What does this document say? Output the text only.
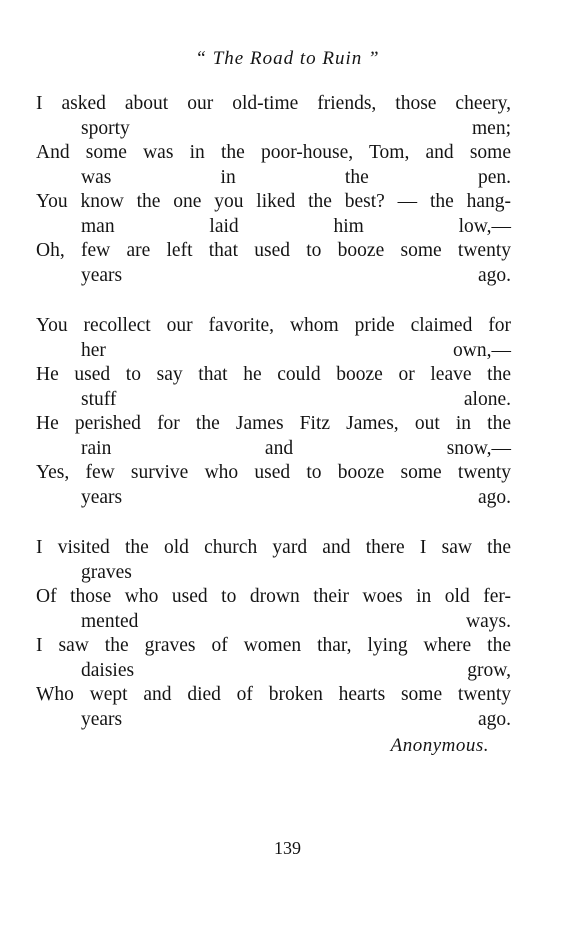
“ The Road to Ruin ”
I asked about our old-time friends, those cheery,
sporty men;
And some was in the poor-house, Tom, and some
was in the pen.
You know the one you liked the best? — the hang-
man laid him low,—
Oh, few are left that used to booze some twenty
years ago.
You recollect our favorite, whom pride claimed for
her own,—
He used to say that he could booze or leave the
stuff alone.
He perished for the James Fitz James, out in the
rain and snow,—
Yes, few survive who used to booze some twenty
years ago.
I visited the old church yard and there I saw the
graves
Of those who used to drown their woes in old fer-
mented ways.
I saw the graves of women thar, lying where the
daisies grow,
Who wept and died of broken hearts some twenty
years ago.
Anonymous.
139
